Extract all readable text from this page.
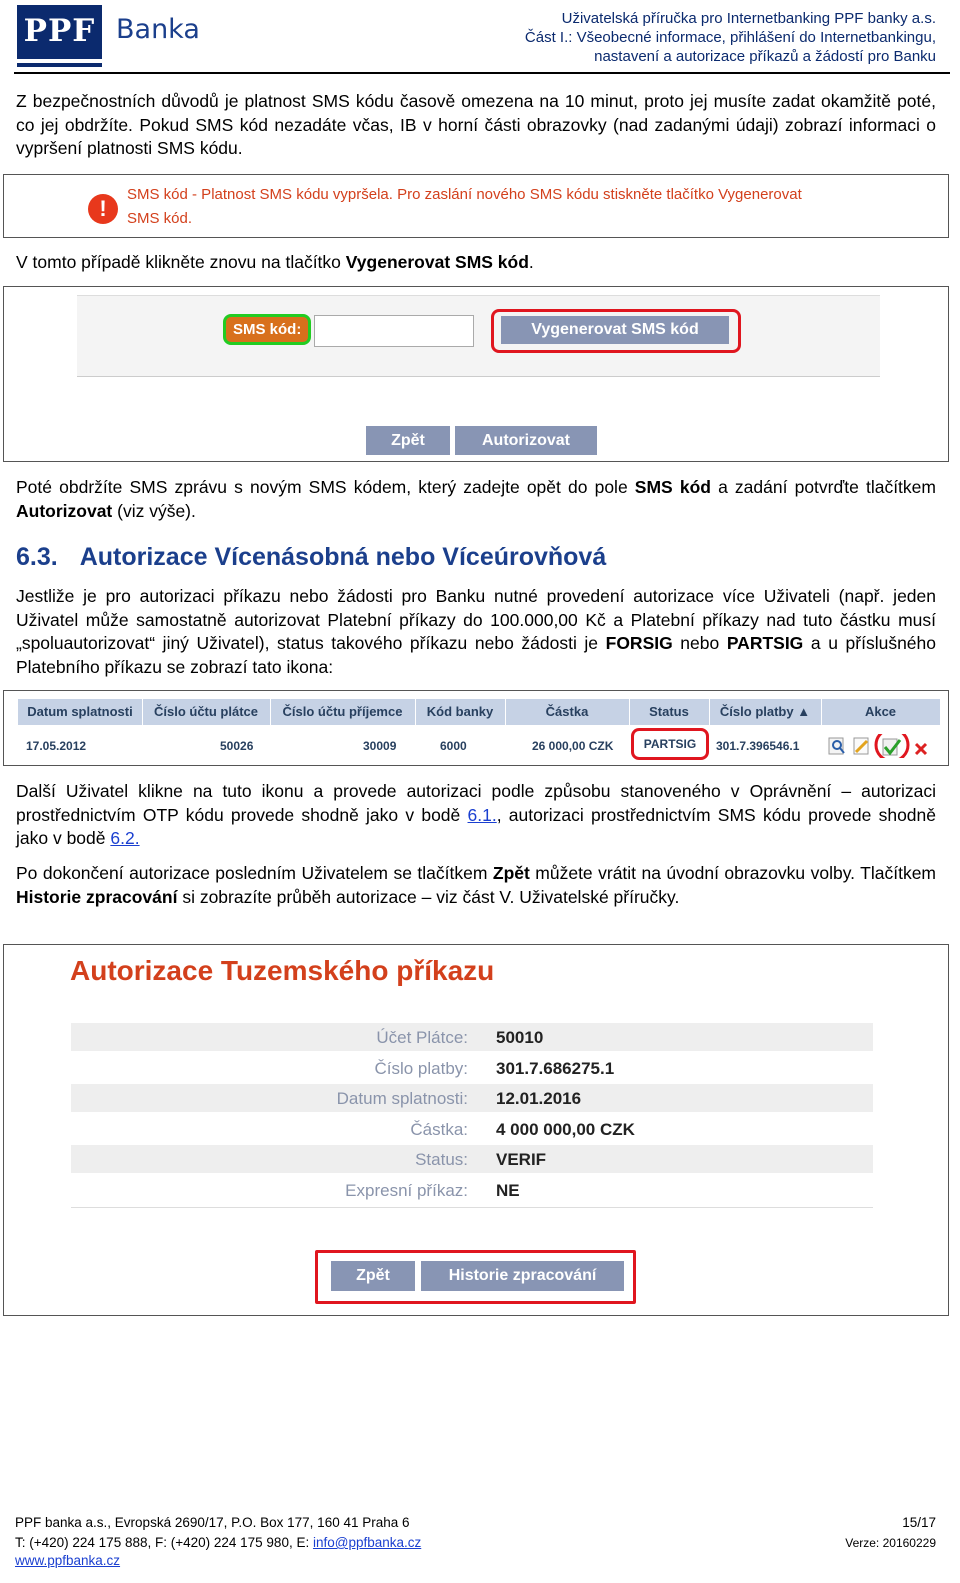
PPF Banka	Uživatelská příručka pro Internetbanking PPF banky a.s.
Část I.: Všeobecné informace, přihlášení do Internetbankingu,
nastavení a autorizace příkazů a žádostí pro Banku
Z bezpečnostních důvodů je platnost SMS kódu časově omezena na 10 minut, proto jej musíte zadat okamžitě poté, co jej obdržíte. Pokud SMS kód nezadáte včas, IB v horní části obrazovky (nad zadanými údaji) zobrazí informaci o vypršení platnosti SMS kódu.
!
SMS kód - Platnost SMS kódu vypršela. Pro zaslání nového SMS kódu stiskněte tlačítko Vygenerovat
SMS kód.
V tomto případě klikněte znovu na tlačítko Vygenerovat SMS kód.
SMS kód:	Vygenerovat SMS kód
Zpět	Autorizovat
Poté obdržíte SMS zprávu s novým SMS kódem, který zadejte opět do pole SMS kód a zadání potvrďte tlačítkem Autorizovat (viz výše).
6.3. Autorizace Vícenásobná nebo Víceúrovňová
Jestliže je pro autorizaci příkazu nebo žádosti pro Banku nutné provedení autorizace více Uživateli (např. jeden Uživatel může samostatně autorizovat Platební příkazy do 100.000,00 Kč a Platební příkazy nad tuto částku musí „spoluautorizovat“ jiný Uživatel), status takového příkazu nebo žádosti je FORSIG nebo PARTSIG a u příslušného Platebního příkazu se zobrazí tato ikona:
Datum splatnosti	Číslo účtu plátce	Číslo účtu příjemce	Kód banky	Částka	Status	Číslo platby ▲	Akce
17.05.2012	50026	30009	6000	26 000,00 CZK	PARTSIG	301.7.396546.1
Další Uživatel klikne na tuto ikonu a provede autorizaci podle způsobu stanoveného v Oprávnění – autorizaci prostřednictvím OTP kódu provede shodně jako v bodě 6.1., autorizaci prostřednictvím SMS kódu provede shodně jako v bodě 6.2.
Po dokončení autorizace posledním Uživatelem se tlačítkem Zpět můžete vrátit na úvodní obrazovku volby. Tlačítkem Historie zpracování si zobrazíte průběh autorizace – viz část V. Uživatelské příručky.
Autorizace Tuzemského příkazu
Účet Plátce: 50010
Číslo platby: 301.7.686275.1
Datum splatnosti: 12.01.2016
Částka: 4 000 000,00 CZK
Status: VERIF
Expresní příkaz: NE
Zpět	Historie zpracování
PPF banka a.s., Evropská 2690/17, P.O. Box 177, 160 41 Praha 6	15/17
T: (+420) 224 175 888, F: (+420) 224 175 980, E: info@ppfbanka.cz	Verze: 20160229
www.ppfbanka.cz
